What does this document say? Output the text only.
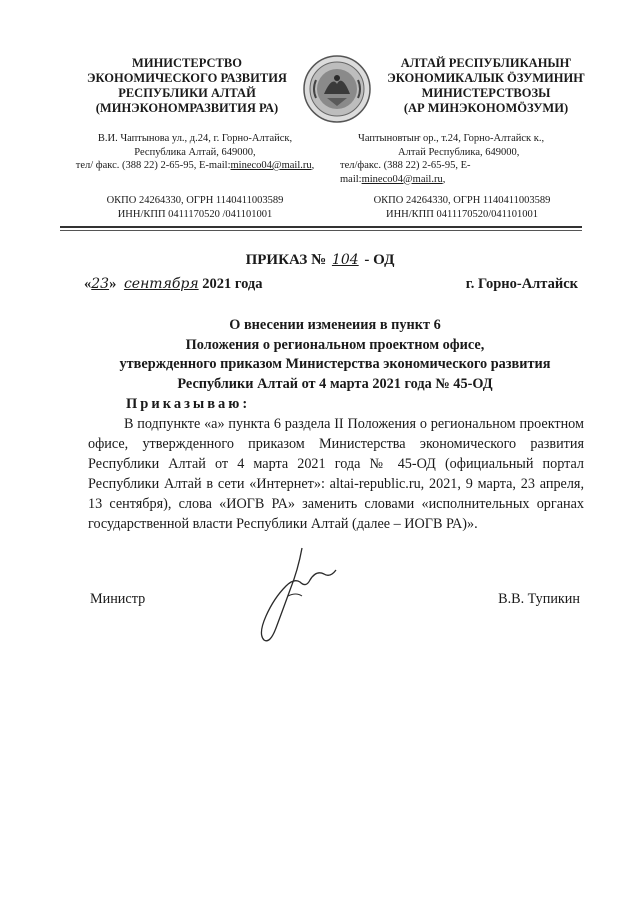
МИНИСТЕРСТВО
ЭКОНОМИЧЕСКОГО РАЗВИТИЯ
РЕСПУБЛИКИ АЛТАЙ
(МИНЭКОНОМРАЗВИТИЯ РА)
АЛТАЙ РЕСПУБЛИКАНЫҤ
ЭКОНОМИКАЛЫК ÖЗУМИНИҤ
МИНИСТЕРСТВОЗЫ
(АР МИНЭКОНОМÖЗУМИ)
В.И. Чаптынова ул., д.24, г. Горно-Алтайск,
Республика Алтай, 649000,
тел/ факс. (388 22) 2-65-95, E-mail:mineco04@mail.ru,
Чаптыновтыҥ ор., т.24, Горно-Алтайск к.,
Алтай Республика, 649000,
тел/факс. (388 22) 2-65-95, E-
mail:mineco04@mail.ru,
ОКПО 24264330, ОГРН 1140411003589
ИНН/КПП 0411170520 /041101001
ОКПО 24264330, ОГРН 1140411003589
ИНН/КПП 0411170520/041101001
ПРИКАЗ № 104 - ОД
«23» сентября 2021 года	г. Горно-Алтайск
О внесении изменеиия в пункт 6
Положения о региональном проектном офисе,
утвержденного приказом Министерства экономического развития
Республики Алтай от 4 марта 2021 года № 45-ОД
Приказываю:
В подпункте «а» пункта 6 раздела II Положения о региональном проектном офисе, утвержденного приказом Министерства экономического развития Республики Алтай от 4 марта 2021 года № 45-ОД (официальный портал Республики Алтай в сети «Интернет»: altai-republic.ru, 2021, 9 марта, 23 апреля, 13 сентября), слова «ИОГВ РА» заменить словами «исполнительных органах государственной власти Республики Алтай (далее – ИОГВ РА)».
Министр	В.В. Тупикин
